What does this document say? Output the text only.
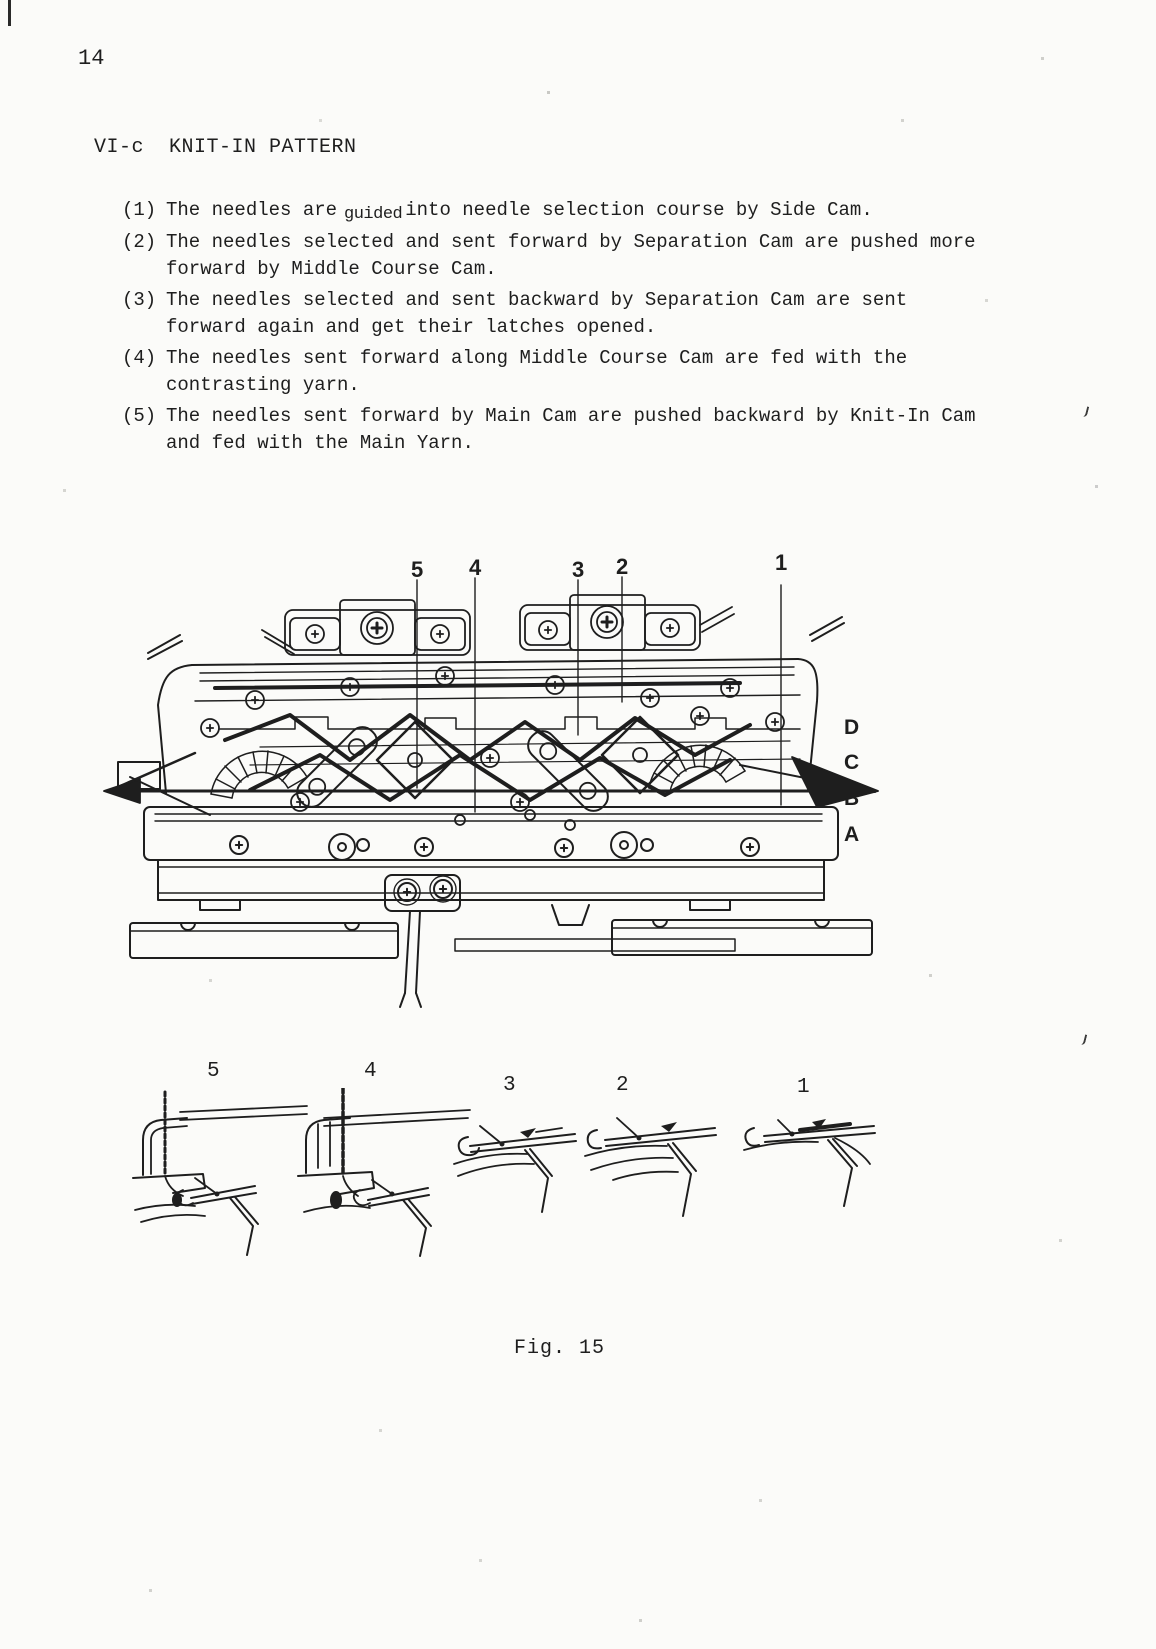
14
VI-c  KNIT-IN PATTERN
(1) The needles are guided into needle selection course by Side Cam.
(2) The needles selected and sent forward by Separation Cam are pushed more
forward by Middle Course Cam.
(3) The needles selected and sent backward by Separation Cam are sent
forward again and get their latches opened.
(4) The needles sent forward along Middle Course Cam are fed with the
contrasting yarn.
(5) The needles sent forward by Main Cam are pushed backward by Knit-In Cam
and fed with the Main Yarn.
5 4	3 2	1
D
C
B
A
5	4
3	2	1
Fig. 15
